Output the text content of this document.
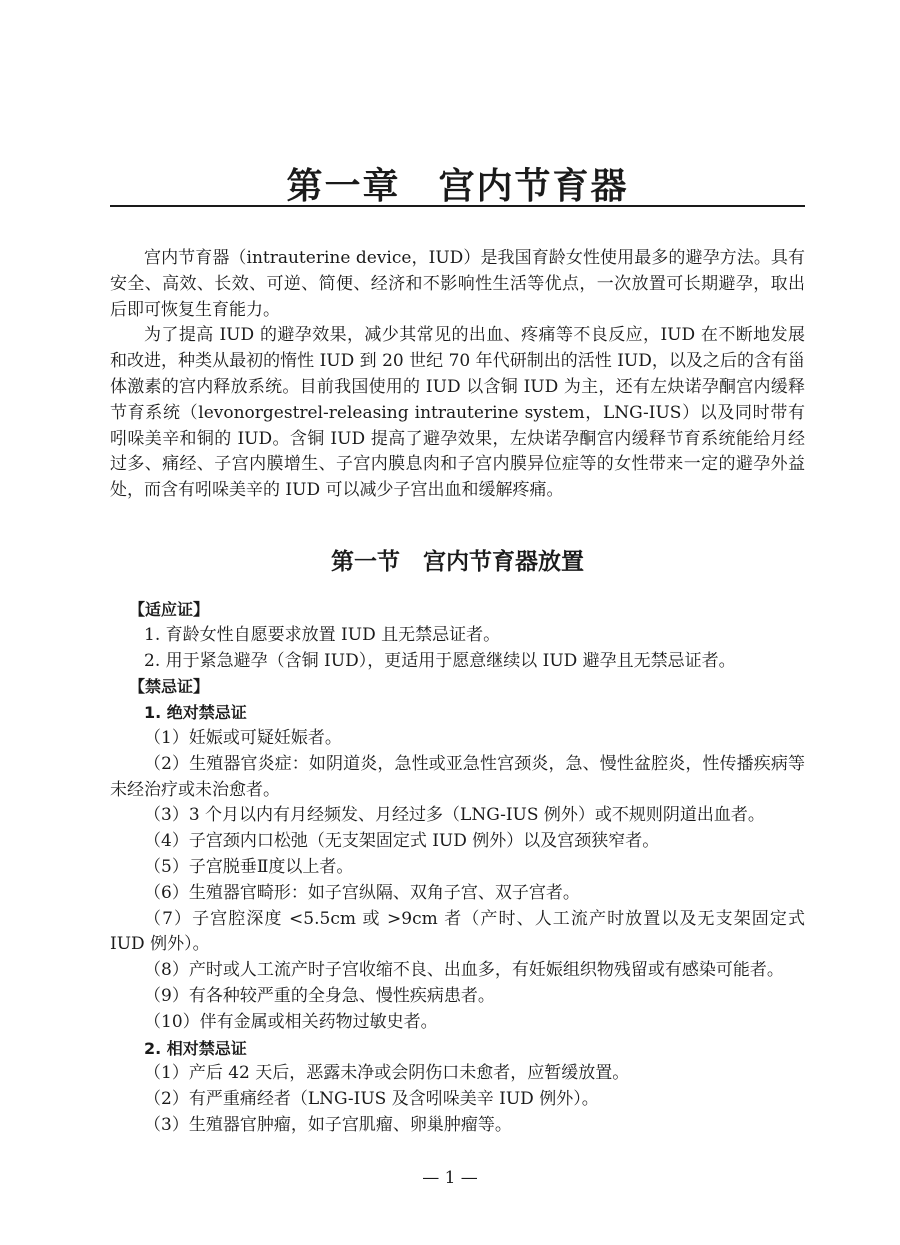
第一章　宫内节育器

宫内节育器（intrauterine device，IUD）是我国育龄女性使用最多的避孕方法。具有安全、高效、长效、可逆、简便、经济和不影响性生活等优点，一次放置可长期避孕，取出后即可恢复生育能力。

为了提高 IUD 的避孕效果，减少其常见的出血、疼痛等不良反应，IUD 在不断地发展和改进，种类从最初的惰性 IUD 到 20 世纪 70 年代研制出的活性 IUD，以及之后的含有甾体激素的宫内释放系统。目前我国使用的 IUD 以含铜 IUD 为主，还有左炔诺孕酮宫内缓释节育系统（levonorgestrel-releasing intrauterine system，LNG-IUS）以及同时带有吲哚美辛和铜的 IUD。含铜 IUD 提高了避孕效果，左炔诺孕酮宫内缓释节育系统能给月经过多、痛经、子宫内膜增生、子宫内膜息肉和子宫内膜异位症等的女性带来一定的避孕外益处，而含有吲哚美辛的 IUD 可以减少子宫出血和缓解疼痛。

第一节　宫内节育器放置

【适应证】

1. 育龄女性自愿要求放置 IUD 且无禁忌证者。

2. 用于紧急避孕（含铜 IUD），更适用于愿意继续以 IUD 避孕且无禁忌证者。

【禁忌证】

1. 绝对禁忌证

（1）妊娠或可疑妊娠者。

（2）生殖器官炎症：如阴道炎，急性或亚急性宫颈炎，急、慢性盆腔炎，性传播疾病等未经治疗或未治愈者。

（3）3 个月以内有月经频发、月经过多（LNG-IUS 例外）或不规则阴道出血者。

（4）子宫颈内口松弛（无支架固定式 IUD 例外）以及宫颈狭窄者。

（5）子宫脱垂Ⅱ度以上者。

（6）生殖器官畸形：如子宫纵隔、双角子宫、双子宫者。

（7）子宫腔深度 <5.5cm 或 >9cm 者（产时、人工流产时放置以及无支架固定式 IUD 例外）。

（8）产时或人工流产时子宫收缩不良、出血多，有妊娠组织物残留或有感染可能者。

（9）有各种较严重的全身急、慢性疾病患者。

（10）伴有金属或相关药物过敏史者。

2. 相对禁忌证

（1）产后 42 天后，恶露未净或会阴伤口未愈者，应暂缓放置。

（2）有严重痛经者（LNG-IUS 及含吲哚美辛 IUD 例外）。

（3）生殖器官肿瘤，如子宫肌瘤、卵巢肿瘤等。

— 1 —
